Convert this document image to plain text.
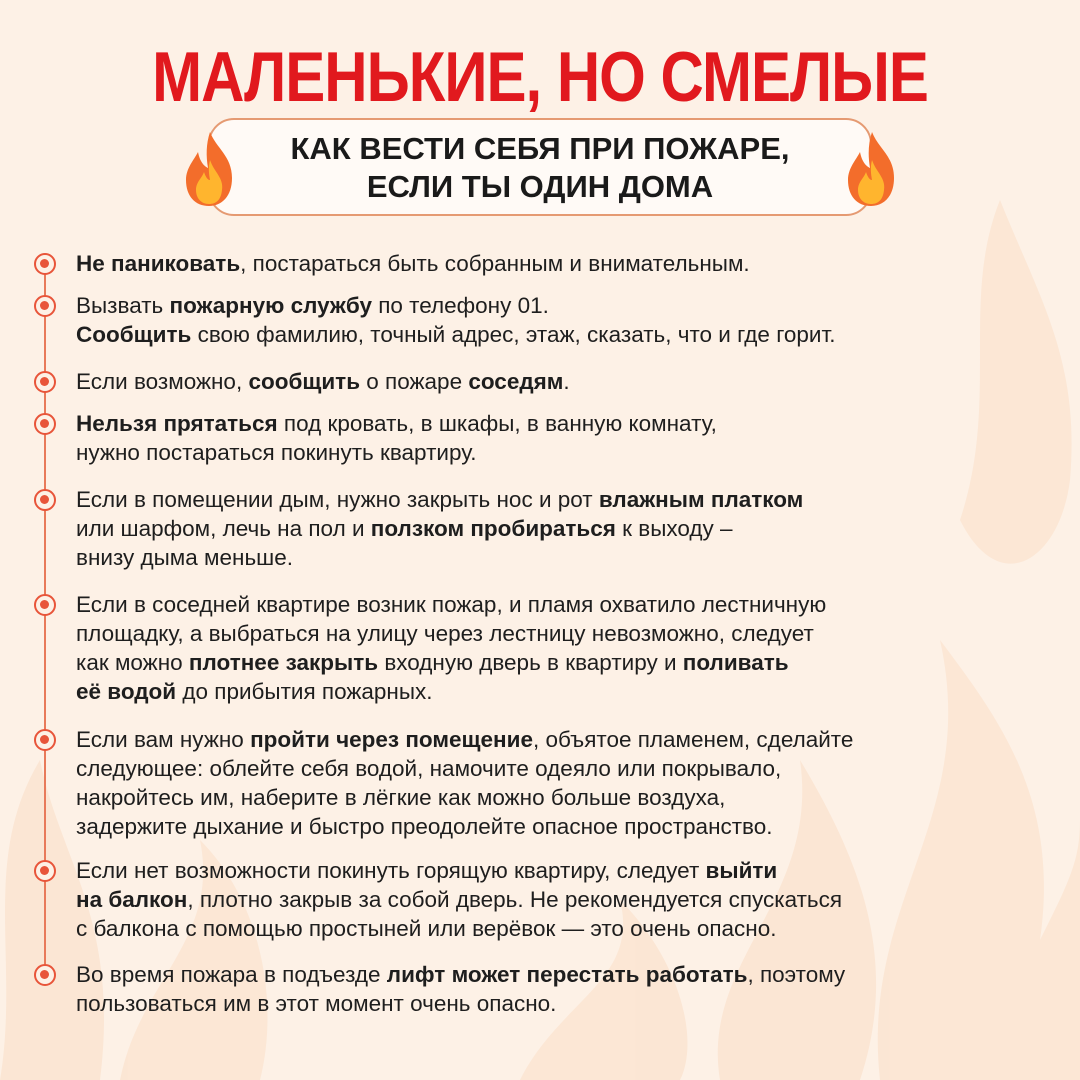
МАЛЕНЬКИЕ, НО СМЕЛЫЕ
КАК ВЕСТИ СЕБЯ ПРИ ПОЖАРЕ,
ЕСЛИ ТЫ ОДИН ДОМА

Не паниковать, постараться быть собранным и внимательным.

Вызвать пожарную службу по телефону 01.

Сообщить свою фамилию, точный адрес, этаж, сказать, что и где горит.

Если возможно, сообщить о пожаре соседям.

Нельзя прятаться под кровать, в шкафы, в ванную комнату,

нужно постараться покинуть квартиру.

Если в помещении дым, нужно закрыть нос и рот влажным платком

или шарфом, лечь на пол и ползком пробираться к выходу –

внизу дыма меньше.

Если в соседней квартире возник пожар, и пламя охватило лестничную

площадку, а выбраться на улицу через лестницу невозможно, следует

как можно плотнее закрыть входную дверь в квартиру и поливать

её водой до прибытия пожарных.

Если вам нужно пройти через помещение, объятое пламенем, сделайте

следующее: облейте себя водой, намочите одеяло или покрывало,

накройтесь им, наберите в лёгкие как можно больше воздуха,

задержите дыхание и быстро преодолейте опасное пространство.

Если нет возможности покинуть горящую квартиру, следует выйти

на балкон, плотно закрыв за собой дверь. Не рекомендуется спускаться

с балкона с помощью простыней или верёвок — это очень опасно.

Во время пожара в подъезде лифт может перестать работать, поэтому

пользоваться им в этот момент очень опасно.
